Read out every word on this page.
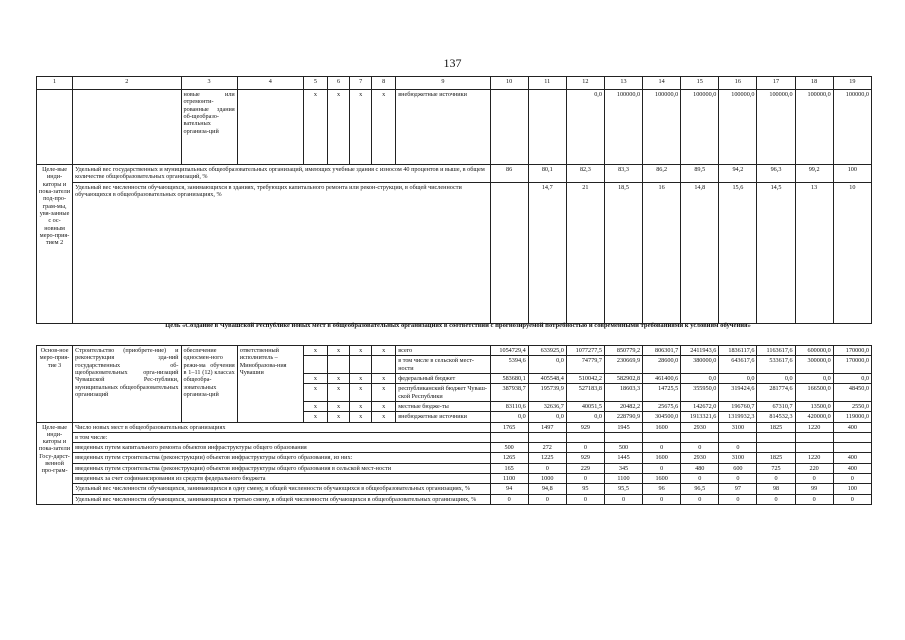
137
1	2	3	4	5	6	7	8	9	10	11	12	13	14	15	16	17	18	19
		новые или отремонти-рованные здания об-щеобразо-вательных организа-ций		х	х	х	х	внебюджетные источники			0,0	100000,0	100000,0	100000,0	100000,0	100000,0	100000,0	100000,0
Целе-вые инди-каторы и пока-затели под-про-грам-мы, увя-занные с ос-новным меро-прия-тием 2	Удельный вес государственных и муниципальных общеобразовательных организаций, имеющих учебные здания с износом 40 процентов и выше, в общем количестве общеобразовательных организаций, %								86	80,1	82,3	83,3	86,2	89,5	94,2	96,3	99,2	100
	Удельный вес численности обучающихся, занимающихся в зданиях, требующих капитального ремонта или рекон-струкции, в общей численности обучающихся в общеобразовательных организациях, %									14,7	21	18,5	16	14,8	15,6	14,5	13	10
Цель «Создание в Чувашской Республике новых мест в общеобразовательных организациях в соответствии с прогнозируемой потребностью и современными требованиями к условиям обучения»

Основ-ное меро-прия-тие 3	Строительство (приобрете-ние) и реконструкция зда-ний государственных об-щеобразовательных орга-низаций Чувашской Рес-публики, муниципальных общеобразовательных организаций	обеспечение односмен-ного режи-ма обучения в 1–11 (12) классах общеобра-зовательных организа-ций	ответственный исполнитель – Минобразова-ния Чувашии	х	х	х	х	всего	1054729,4	633925,0	1077277,5	850779,2	806301,7	2411943,6	1836117,6	1163617,6	600000,0	170000,0
								в том числе в сельской мест-ности	5394,6	0,0	74779,7	230669,9	28600,0	380000,0	643617,6	533617,6	300000,0	170000,0
				х	х	х	х	федеральный бюджет	583680,1	405548,4	510042,2	582902,8	461400,6	0,0	0,0	0,0	0,0	0,0
				х	х	х	х	республиканский бюджет Чуваш-ской Республики	387938,7	195739,9	527183,8	18603,3	14725,5	355950,0	319424,6	281774,6	166500,0	48450,0
				х	х	х	х	местные бюдже-ты	83110,6	32636,7	40051,5	20482,2	25675,6	142672,0	196760,7	67310,7	13500,0	2550,0
				х	х	х	х	внебюджетные источники	0,0	0,0	0,0	228790,9	304500,0	1913321,6	1319932,3	814532,3	420000,0	119000,0
Целе-вые инди-каторы и пока-затели Госу-дарст-венной про-грам-	Число новых мест в общеобразовательных организациях								1765	1497	929	1945	1600	2930	3100	1825	1220	400
	в том числе:																	
	введенных путем капитального ремонта объектов инфраструктуры общего образования								500	272	0	500	0	0	0			
	введенных путем строительства (реконструкции) объектов инфраструктуры общего образования, из них:								1265	1225	929	1445	1600	2930	3100	1825	1220	400
	введенных путем строительства (реконструкции) объектов инфраструктуры общего образования в сельской мест-ности								165	0	229	345	0	480	600	725	220	400
	введенных за счет софинансирования из средств федерального бюджета								1100	1000	0	1100	1600	0	0	0	0	0
	Удельный вес численности обучающихся, занимающихся в одну смену, в общей численности обучающихся в общеобразовательных организациях, %								94	94,8	95	95,5	96	96,5	97	98	99	100
	Удельный вес численности обучающихся, занимающихся в третью смену, в общей численности обучающихся в общеобразовательных организациях, %								0	0	0	0	0	0	0	0	0	0
